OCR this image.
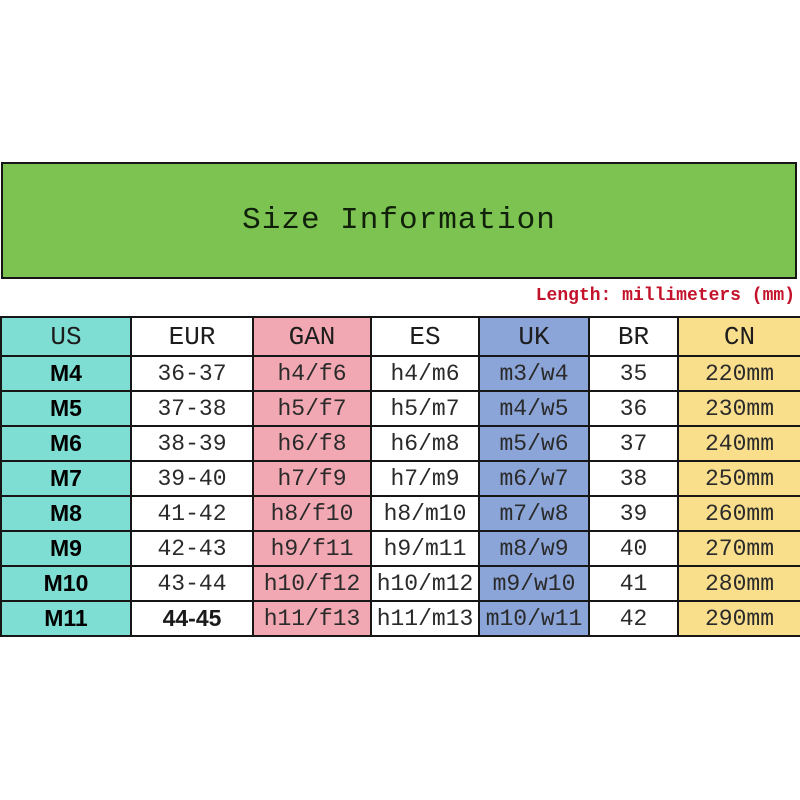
Size Information
Length: millimeters (mm)
US	EUR	GAN	ES	UK	BR	CN
M4	36-37	h4/f6	h4/m6	m3/w4	35	220mm
M5	37-38	h5/f7	h5/m7	m4/w5	36	230mm
M6	38-39	h6/f8	h6/m8	m5/w6	37	240mm
M7	39-40	h7/f9	h7/m9	m6/w7	38	250mm
M8	41-42	h8/f10	h8/m10	m7/w8	39	260mm
M9	42-43	h9/f11	h9/m11	m8/w9	40	270mm
M10	43-44	h10/f12	h10/m12	m9/w10	41	280mm
M11	44-45	h11/f13	h11/m13	m10/w11	42	290mm
